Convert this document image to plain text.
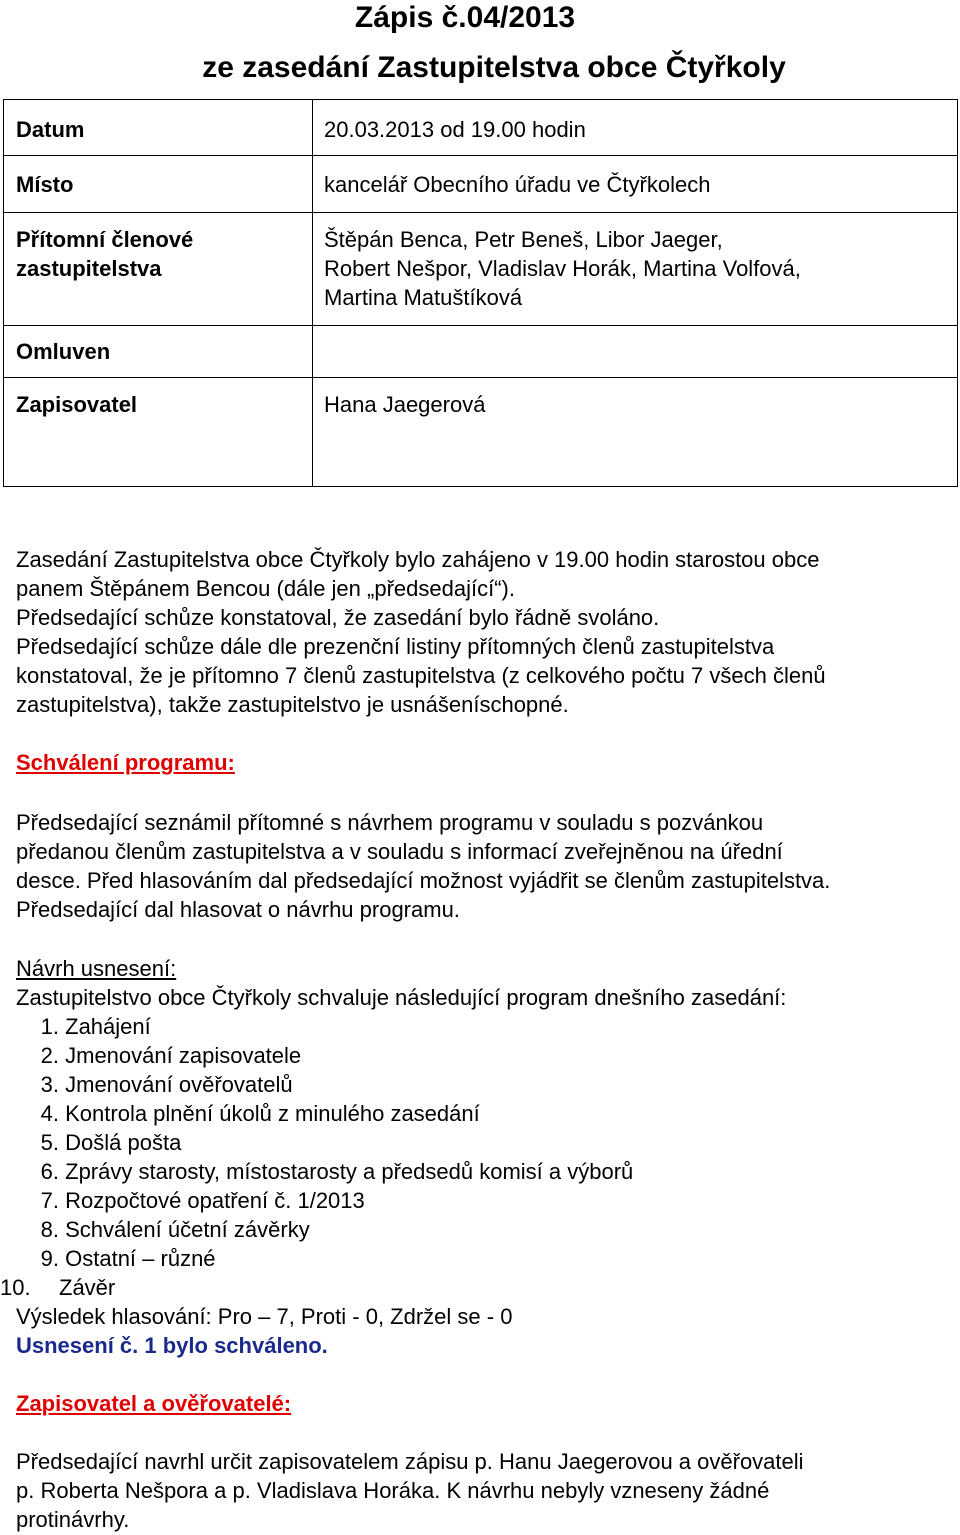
Zápis č.04/2013
ze zasedání Zastupitelstva obce Čtyřkoly
Datum	20.03.2013 od 19.00 hodin

Místo	kancelář Obecního úřadu ve Čtyřkolech

Přítomní členové
zastupitelstva	Štěpán Benca, Petr Beneš, Libor Jaeger,
Robert Nešpor, Vladislav Horák, Martina Volfová,
Martina Matuštíková

Omluven	

Zapisovatel	Hana Jaegerová
Zasedání Zastupitelstva obce Čtyřkoly bylo zahájeno v 19.00 hodin starostou obce
panem Štěpánem Bencou (dále jen „předsedající“).
Předsedající schůze konstatoval, že zasedání bylo řádně svoláno.
Předsedající schůze dále dle prezenční listiny přítomných členů zastupitelstva
konstatoval, že je přítomno 7 členů zastupitelstva (z celkového počtu 7 všech členů
zastupitelstva), takže zastupitelstvo je usnášeníschopné.
Schválení programu:
Předsedající seznámil přítomné s návrhem programu v souladu s pozvánkou
předanou členům zastupitelstva a v souladu s informací zveřejněnou na úřední
desce. Před hlasováním dal předsedající možnost vyjádřit se členům zastupitelstva.
Předsedající dal hlasovat o návrhu programu.
Návrh usnesení:
Zastupitelstvo obce Čtyřkoly schvaluje následující program dnešního zasedání:
1. Zahájení
2. Jmenování zapisovatele
3. Jmenování ověřovatelů
4. Kontrola plnění úkolů z minulého zasedání
5. Došlá pošta
6. Zprávy starosty, místostarosty a předsedů komisí a výborů
7. Rozpočtové opatření č. 1/2013
8. Schválení účetní závěrky
9. Ostatní – různé
10. Závěr
Výsledek hlasování: Pro – 7, Proti - 0, Zdržel se - 0
Usnesení č. 1 bylo schváleno.
Zapisovatel a ověřovatelé:
Předsedající navrhl určit zapisovatelem zápisu p. Hanu Jaegerovou a ověřovateli
p. Roberta Nešpora a p. Vladislava Horáka. K návrhu nebyly vzneseny žádné
protinávrhy.
